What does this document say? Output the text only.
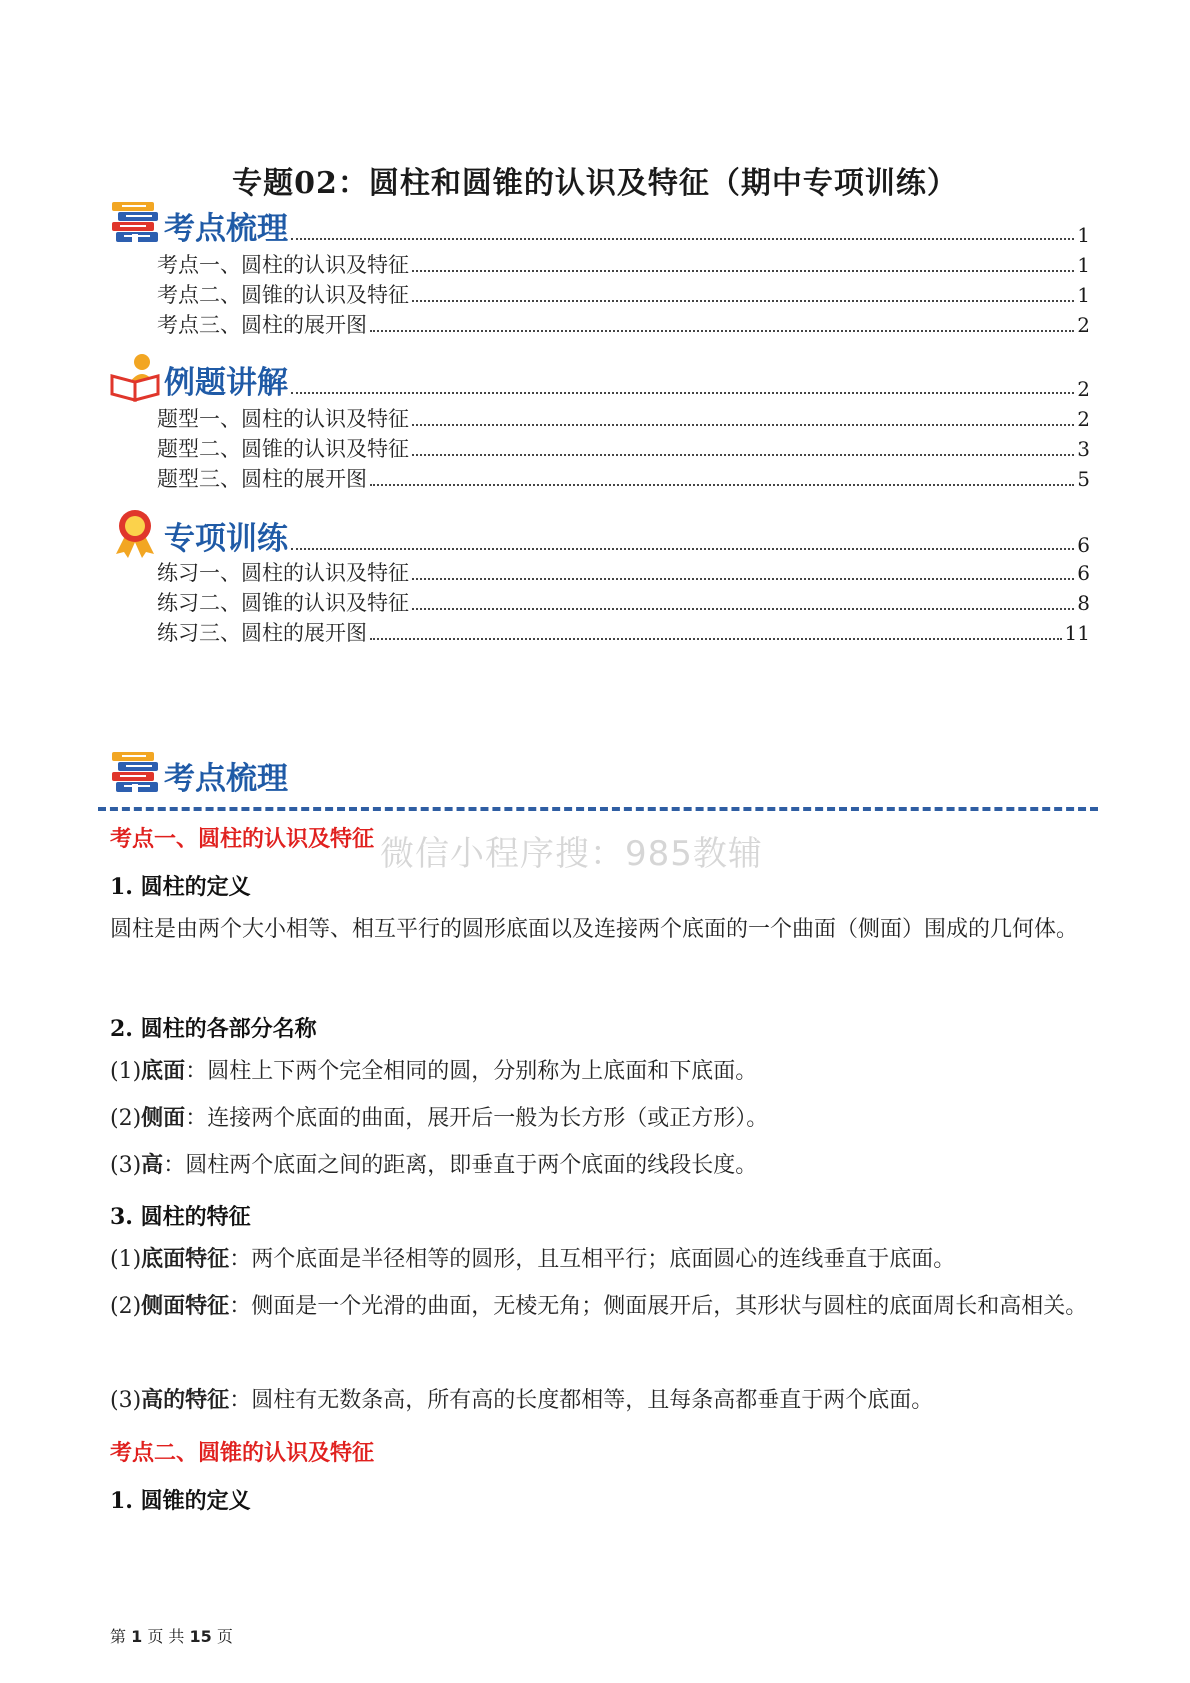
专题02：圆柱和圆锥的认识及特征（期中专项训练）
考点梳理	1
考点一、圆柱的认识及特征	1
考点二、圆锥的认识及特征	1
考点三、圆柱的展开图	2
例题讲解	2
题型一、圆柱的认识及特征	2
题型二、圆锥的认识及特征	3
题型三、圆柱的展开图	5
专项训练	6
练习一、圆柱的认识及特征	6
练习二、圆锥的认识及特征	8
练习三、圆柱的展开图	11
考点梳理
微信小程序搜：985教辅
考点一、圆柱的认识及特征
1. 圆柱的定义
圆柱是由两个大小相等、相互平行的圆形底面以及连接两个底面的一个曲面（侧面）围成的几何体。
2. 圆柱的各部分名称
(1)底面：圆柱上下两个完全相同的圆，分别称为上底面和下底面。
(2)侧面：连接两个底面的曲面，展开后一般为长方形（或正方形）。
(3)高：圆柱两个底面之间的距离，即垂直于两个底面的线段长度。
3. 圆柱的特征
(1)底面特征：两个底面是半径相等的圆形，且互相平行；底面圆心的连线垂直于底面。
(2)侧面特征：侧面是一个光滑的曲面，无棱无角；侧面展开后，其形状与圆柱的底面周长和高相关。
(3)高的特征：圆柱有无数条高，所有高的长度都相等，且每条高都垂直于两个底面。
考点二、圆锥的认识及特征
1. 圆锥的定义
第 1 页 共 15 页
